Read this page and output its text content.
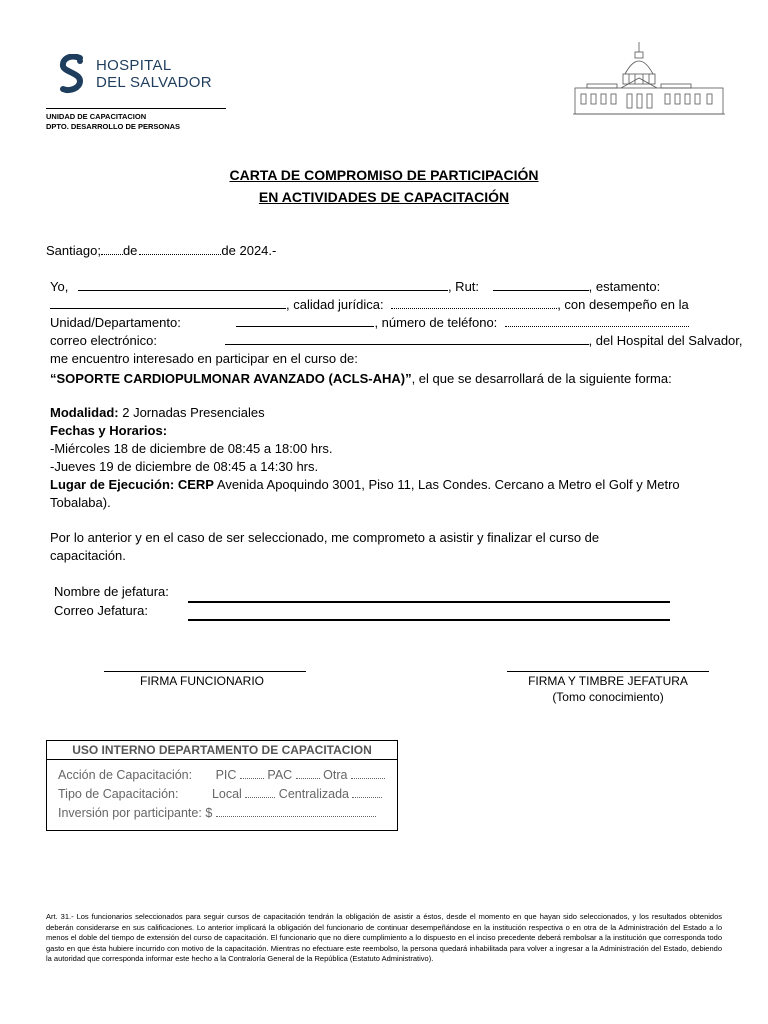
HOSPITAL
DEL SALVADOR
UNIDAD DE CAPACITACION
DPTO. DESARROLLO DE PERSONAS
CARTA DE COMPROMISO DE PARTICIPACIÓN
EN ACTIVIDADES DE CAPACITACIÓN
Santiago; de	de 2024.-
Yo,	, Rut:	, estamento:
, calidad jurídica:	, con desempeño en la
Unidad/Departamento:	, número de teléfono:
correo electrónico:	, del Hospital del Salvador,
me encuentro interesado en participar en el curso de:
“SOPORTE CARDIOPULMONAR AVANZADO (ACLS-AHA)”, el que se desarrollará de la siguiente forma:
Modalidad: 2 Jornadas Presenciales
Fechas y Horarios:
-Miércoles 18 de diciembre de 08:45 a 18:00 hrs.
-Jueves 19 de diciembre de 08:45 a 14:30 hrs.
Lugar de Ejecución: CERP Avenida Apoquindo 3001, Piso 11, Las Condes. Cercano a Metro el Golf y Metro
Tobalaba).
Por lo anterior y en el caso de ser seleccionado, me comprometo a asistir y finalizar el curso de
capacitación.
Nombre de jefatura:
Correo Jefatura:
FIRMA FUNCIONARIO	FIRMA Y TIMBRE JEFATURA
(Tomo conocimiento)
USO INTERNO DEPARTAMENTO DE CAPACITACION
Acción de Capacitación: PIC PAC Otra
Tipo de Capacitación:	Local	Centralizada
Inversión por participante: $
Art. 31.- Los funcionarios seleccionados para seguir cursos de capacitación tendrán la obligación de asistir a éstos, desde el momento en que hayan sido seleccionados, y los resultados obtenidos deberán considerarse en sus calificaciones. Lo anterior implicará la obligación del funcionario de continuar desempeñándose en la institución respectiva o en otra de la Administración del Estado a lo menos el doble del tiempo de extensión del curso de capacitación. El funcionario que no diere cumplimiento a lo dispuesto en el inciso precedente deberá rembolsar a la institución que corresponda todo gasto en que ésta hubiere incurrido con motivo de la capacitación. Mientras no efectuare este reembolso, la persona quedará inhabilitada para volver a ingresar a la Administración del Estado, debiendo la autoridad que corresponda informar este hecho a la Contraloría General de la República (Estatuto Administrativo).
